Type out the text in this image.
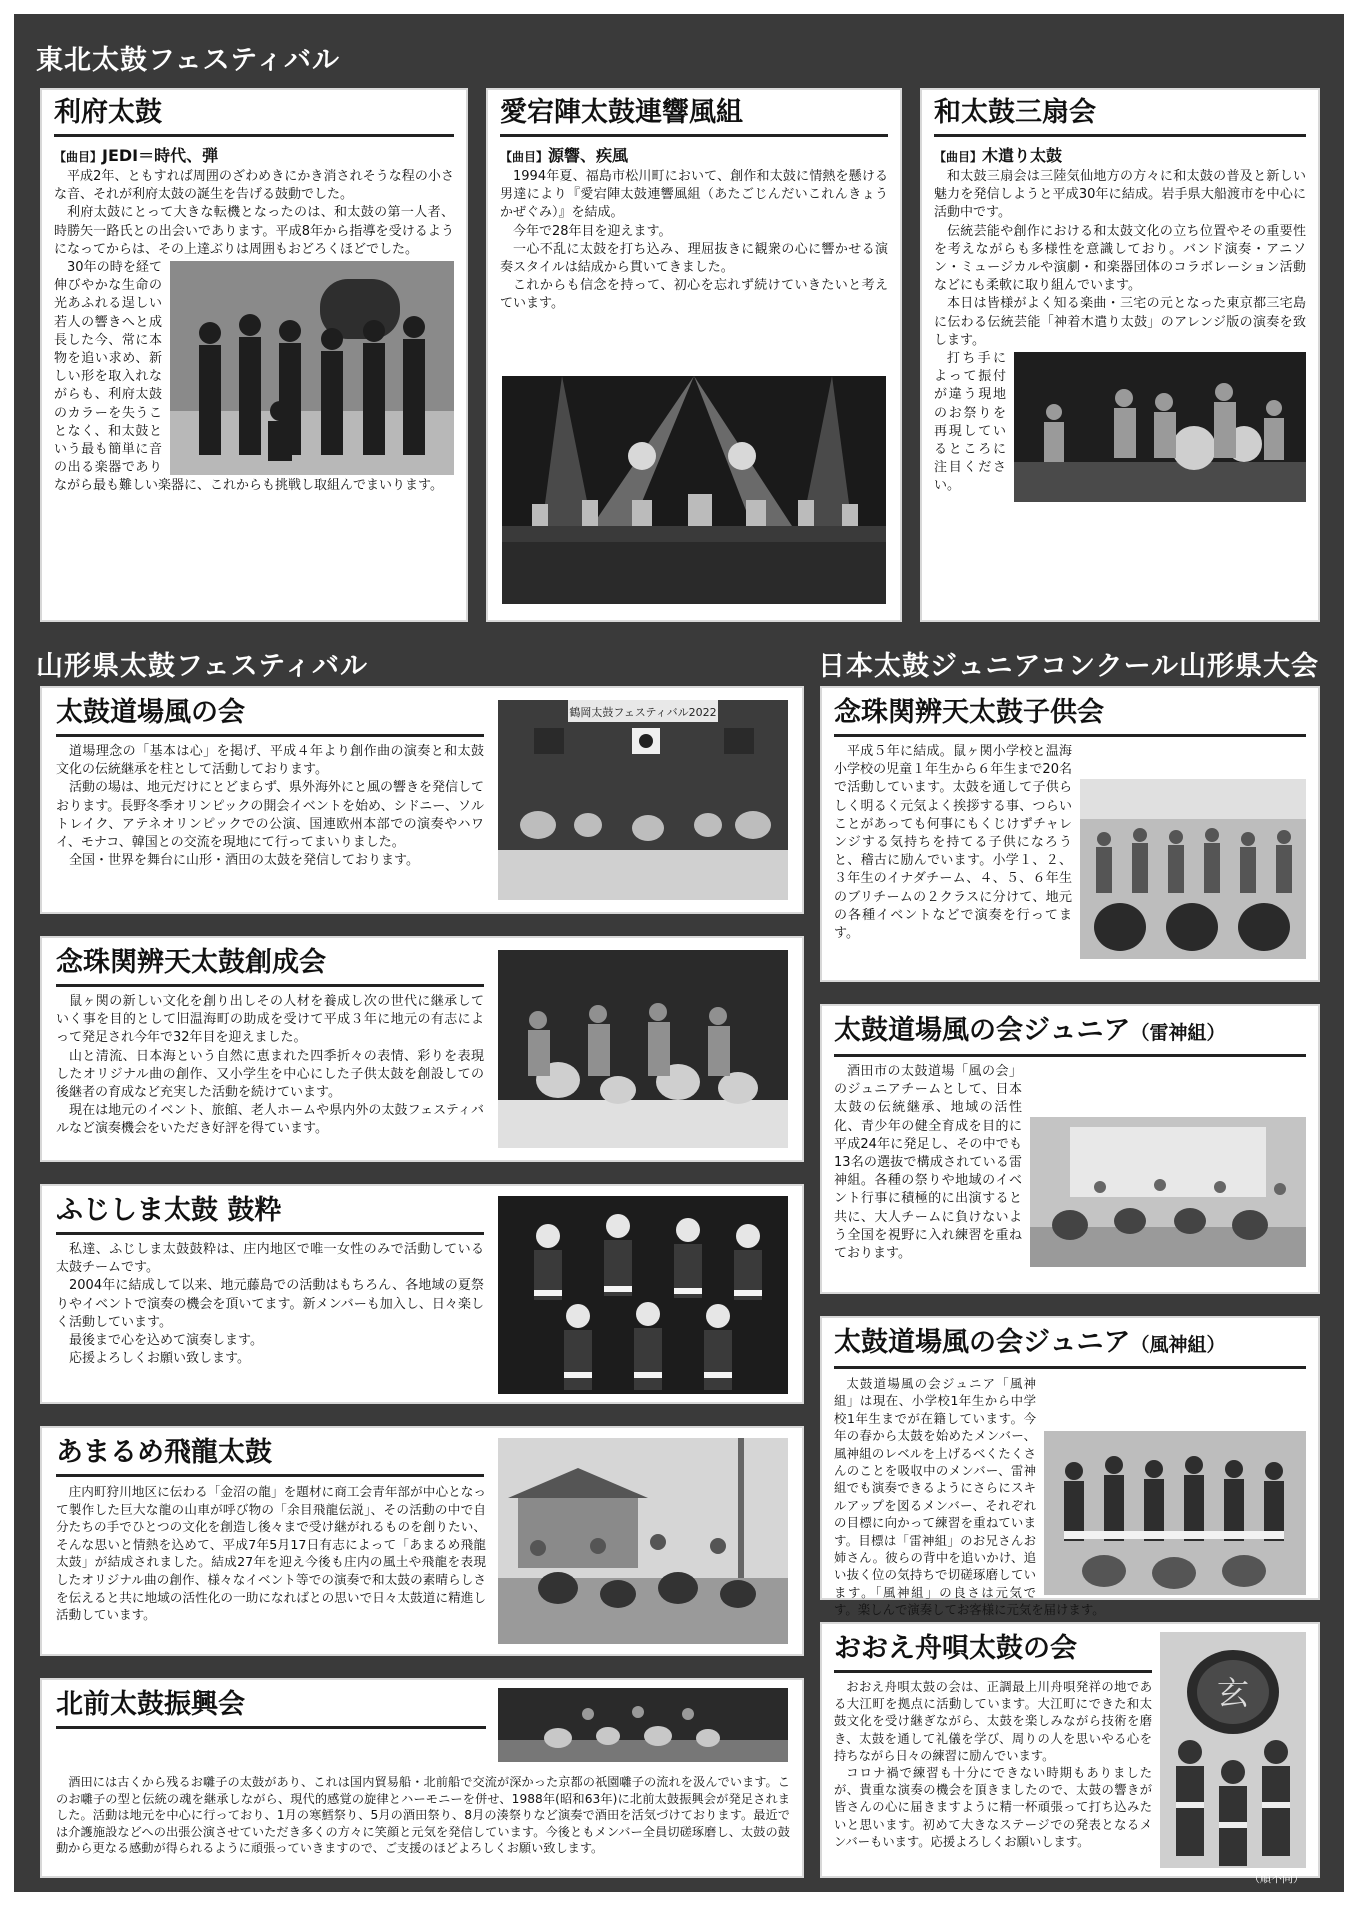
東北太鼓フェスティバル
山形県太鼓フェスティバル	日本太鼓ジュニアコンクール山形県大会
利府太鼓
【曲目】JEDI＝時代、弾

平成2年、ともすれば周囲のざわめきにかき消されそうな程の小さな音、それが利府太鼓の誕生を告げる鼓動でした。

利府太鼓にとって大きな転機となったのは、和太鼓の第一人者、時勝矢一路氏との出会いであります。平成8年から指導を受けるようになってからは、その上達ぶりは周囲もおどろくほどでした。

30年の時を経て伸びやかな生命の光あふれる逞しい若人の響きへと成長した今、常に本物を追い求め、新しい形を取入れながらも、利府太鼓のカラーを失うことなく、和太鼓という最も簡単に音の出る楽器でありながら最も難しい楽器に、これからも挑戦し取組んでまいります。

愛宕陣太鼓連響風組
【曲目】源響、疾風

1994年夏、福島市松川町において、創作和太鼓に情熱を懸ける男達により『愛宕陣太鼓連響風組（あたごじんだいこれんきょうかぜぐみ）』を結成。

今年で28年目を迎えます。

一心不乱に太鼓を打ち込み、理屈抜きに観衆の心に響かせる演奏スタイルは結成から貫いてきました。

これからも信念を持って、初心を忘れず続けていきたいと考えています。

和太鼓三扇会
【曲目】木遣り太鼓

和太鼓三扇会は三陸気仙地方の方々に和太鼓の普及と新しい魅力を発信しようと平成30年に結成。岩手県大船渡市を中心に活動中です。

伝統芸能や創作における和太鼓文化の立ち位置やその重要性を考えながらも多様性を意識しており。バンド演奏・アニソン・ミュージカルや演劇・和楽器団体のコラボレーション活動などにも柔軟に取り組んでいます。

本日は皆様がよく知る楽曲・三宅の元となった東京都三宅島に伝わる伝統芸能「神着木遣り太鼓」のアレンジ版の演奏を致します。

打ち手によって振付が違う現地のお祭りを再現しているところに注目ください。

太鼓道場風の会

道場理念の「基本は心」を掲げ、平成４年より創作曲の演奏と和太鼓文化の伝統継承を柱として活動しております。

活動の場は、地元だけにとどまらず、県外海外にと風の響きを発信しております。長野冬季オリンピックの開会イベントを始め、シドニー、ソルトレイク、アテネオリンピックでの公演、国連欧州本部での演奏やハワイ、モナコ、韓国との交流を現地にて行ってまいりました。

全国・世界を舞台に山形・酒田の太鼓を発信しております。

鶴岡太鼓フェスティバル2022
念珠関辨天太鼓創成会

鼠ヶ関の新しい文化を創り出しその人材を養成し次の世代に継承していく事を目的として旧温海町の助成を受けて平成３年に地元の有志によって発足され今年で32年目を迎えました。

山と清流、日本海という自然に恵まれた四季折々の表情、彩りを表現したオリジナル曲の創作、又小学生を中心にした子供太鼓を創設しての後継者の育成など充実した活動を続けています。

現在は地元のイベント、旅館、老人ホームや県内外の太鼓フェスティバルなど演奏機会をいただき好評を得ています。

ふじしま太鼓 鼓粋

私達、ふじしま太鼓鼓粋は、庄内地区で唯一女性のみで活動している太鼓チームです。

2004年に結成して以来、地元藤島での活動はもちろん、各地域の夏祭りやイベントで演奏の機会を頂いてます。新メンバーも加入し、日々楽しく活動しています。

最後まで心を込めて演奏します。

応援よろしくお願い致します。

あまるめ飛龍太鼓

庄内町狩川地区に伝わる「金沼の龍」を題材に商工会青年部が中心となって製作した巨大な龍の山車が呼び物の「余目飛龍伝説」、その活動の中で自分たちの手でひとつの文化を創造し後々まで受け継がれるものを創りたい、そんな思いと情熱を込めて、平成7年5月17日有志によって「あまるめ飛龍太鼓」が結成されました。結成27年を迎え今後も庄内の風土や飛龍を表現したオリジナル曲の創作、様々なイベント等での演奏で和太鼓の素晴らしさを伝えると共に地域の活性化の一助になればとの思いで日々太鼓道に精進し活動しています。

北前太鼓振興会

酒田には古くから残るお囃子の太鼓があり、これは国内貿易船・北前船で交流が深かった京都の祇園囃子の流れを汲んでいます。このお囃子の型と伝統の魂を継承しながら、現代的感覚の旋律とハーモニーを併せ、1988年(昭和63年)に北前太鼓振興会が発足されました。活動は地元を中心に行っており、1月の寒鱈祭り、5月の酒田祭り、8月の湊祭りなど演奏で酒田を活気づけております。最近では介護施設などへの出張公演させていただき多くの方々に笑顔と元気を発信しています。今後ともメンバー全員切磋琢磨し、太鼓の鼓動から更なる感動が得られるように頑張っていきますので、ご支援のほどよろしくお願い致します。

念珠関辨天太鼓子供会

平成５年に結成。鼠ヶ関小学校と温海小学校の児童１年生から６年生まで20名で活動しています。太鼓を通して子供らしく明るく元気よく挨拶する事、つらいことがあっても何事にもくじけずチャレンジする気持ちを持てる子供になろうと、稽古に励んでいます。小学１、２、３年生のイナダチーム、４、５、６年生のブリチームの２クラスに分けて、地元の各種イベントなどで演奏を行ってます。

太鼓道場風の会ジュニア（雷神組）

酒田市の太鼓道場「風の会」のジュニアチームとして、日本太鼓の伝統継承、地域の活性化、青少年の健全育成を目的に平成24年に発足し、その中でも13名の選抜で構成されている雷神組。各種の祭りや地域のイベント行事に積極的に出演すると共に、大人チームに負けないよう全国を視野に入れ練習を重ねております。

太鼓道場風の会ジュニア（風神組）

太鼓道場風の会ジュニア「風神組」は現在、小学校1年生から中学校1年生までが在籍しています。今年の春から太鼓を始めたメンバー、風神組のレベルを上げるべくたくさんのことを吸収中のメンバー、雷神組でも演奏できるようにさらにスキルアップを図るメンバー、それぞれの目標に向かって練習を重ねています。目標は「雷神組」のお兄さんお姉さん。彼らの背中を追いかけ、追い抜く位の気持ちで切磋琢磨しています。「風神組」の良さは元気です。楽しんで演奏してお客様に元気を届けます。

おおえ舟唄太鼓の会

おおえ舟唄太鼓の会は、正調最上川舟唄発祥の地である大江町を拠点に活動しています。大江町にできた和太鼓文化を受け継ぎながら、太鼓を楽しみながら技術を磨き、太鼓を通して礼儀を学び、周りの人を思いやる心を持ちながら日々の練習に励んでいます。

コロナ禍で練習も十分にできない時期もありましたが、貴重な演奏の機会を頂きましたので、太鼓の響きが皆さんの心に届きますように精一杯頑張って打ち込みたいと思います。初めて大きなステージでの発表となるメンバーもいます。応援よろしくお願いします。

玄
（順不同）
